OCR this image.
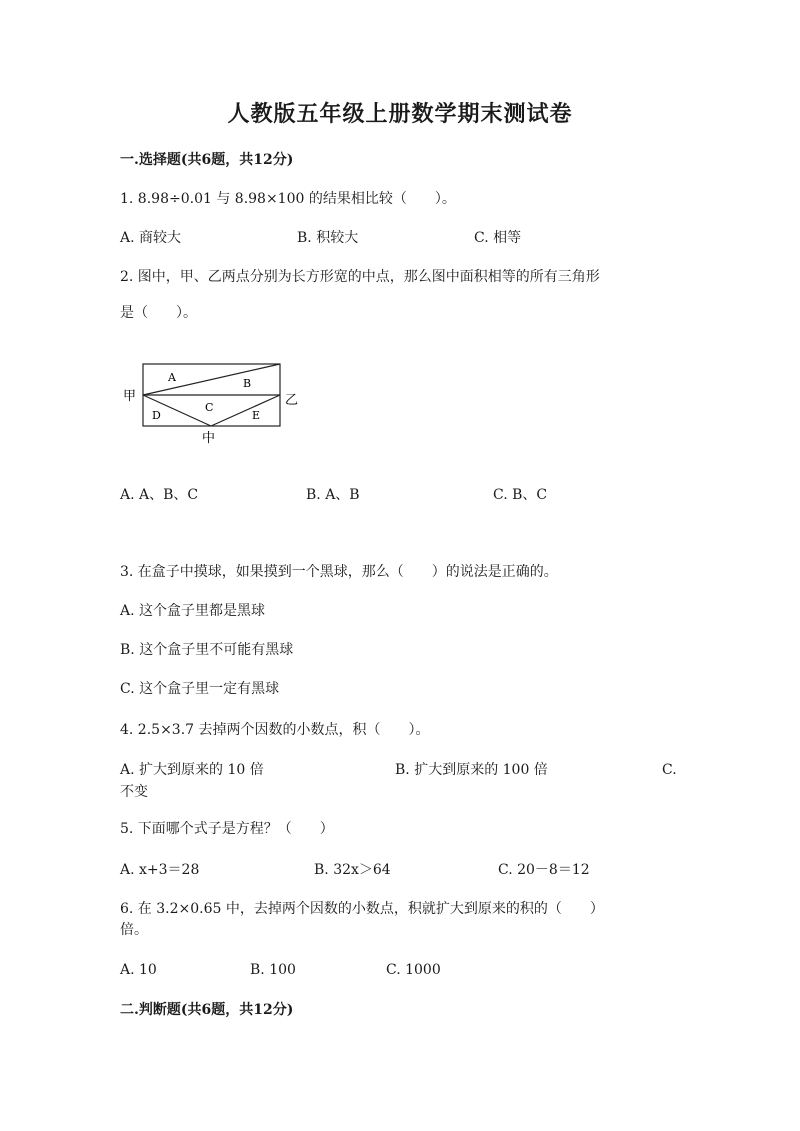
人教版五年级上册数学期末测试卷
一.选择题(共6题，共12分)
1. 8.98÷0.01 与 8.98×100 的结果相比较（　　）。
A. 商较大	B. 积较大	C. 相等
2. 图中，甲、乙两点分别为长方形宽的中点，那么图中面积相等的所有三角形
是（　　）。
甲	乙
中
A	B
C
D	E
A. A、B、C	B. A、B	C. B、C
3. 在盒子中摸球，如果摸到一个黑球，那么（　　）的说法是正确的。
A. 这个盒子里都是黑球
B. 这个盒子里不可能有黑球
C. 这个盒子里一定有黑球
4. 2.5×3.7 去掉两个因数的小数点，积（　　）。
A. 扩大到原来的 10 倍	B. 扩大到原来的 100 倍	C.
不变
5. 下面哪个式子是方程？（　　）
A. x+3＝28	B. 32x＞64	C. 20－8＝12
6. 在 3.2×0.65 中，去掉两个因数的小数点，积就扩大到原来的积的（　　）
倍。
A. 10	B. 100	C. 1000
二.判断题(共6题，共12分)
